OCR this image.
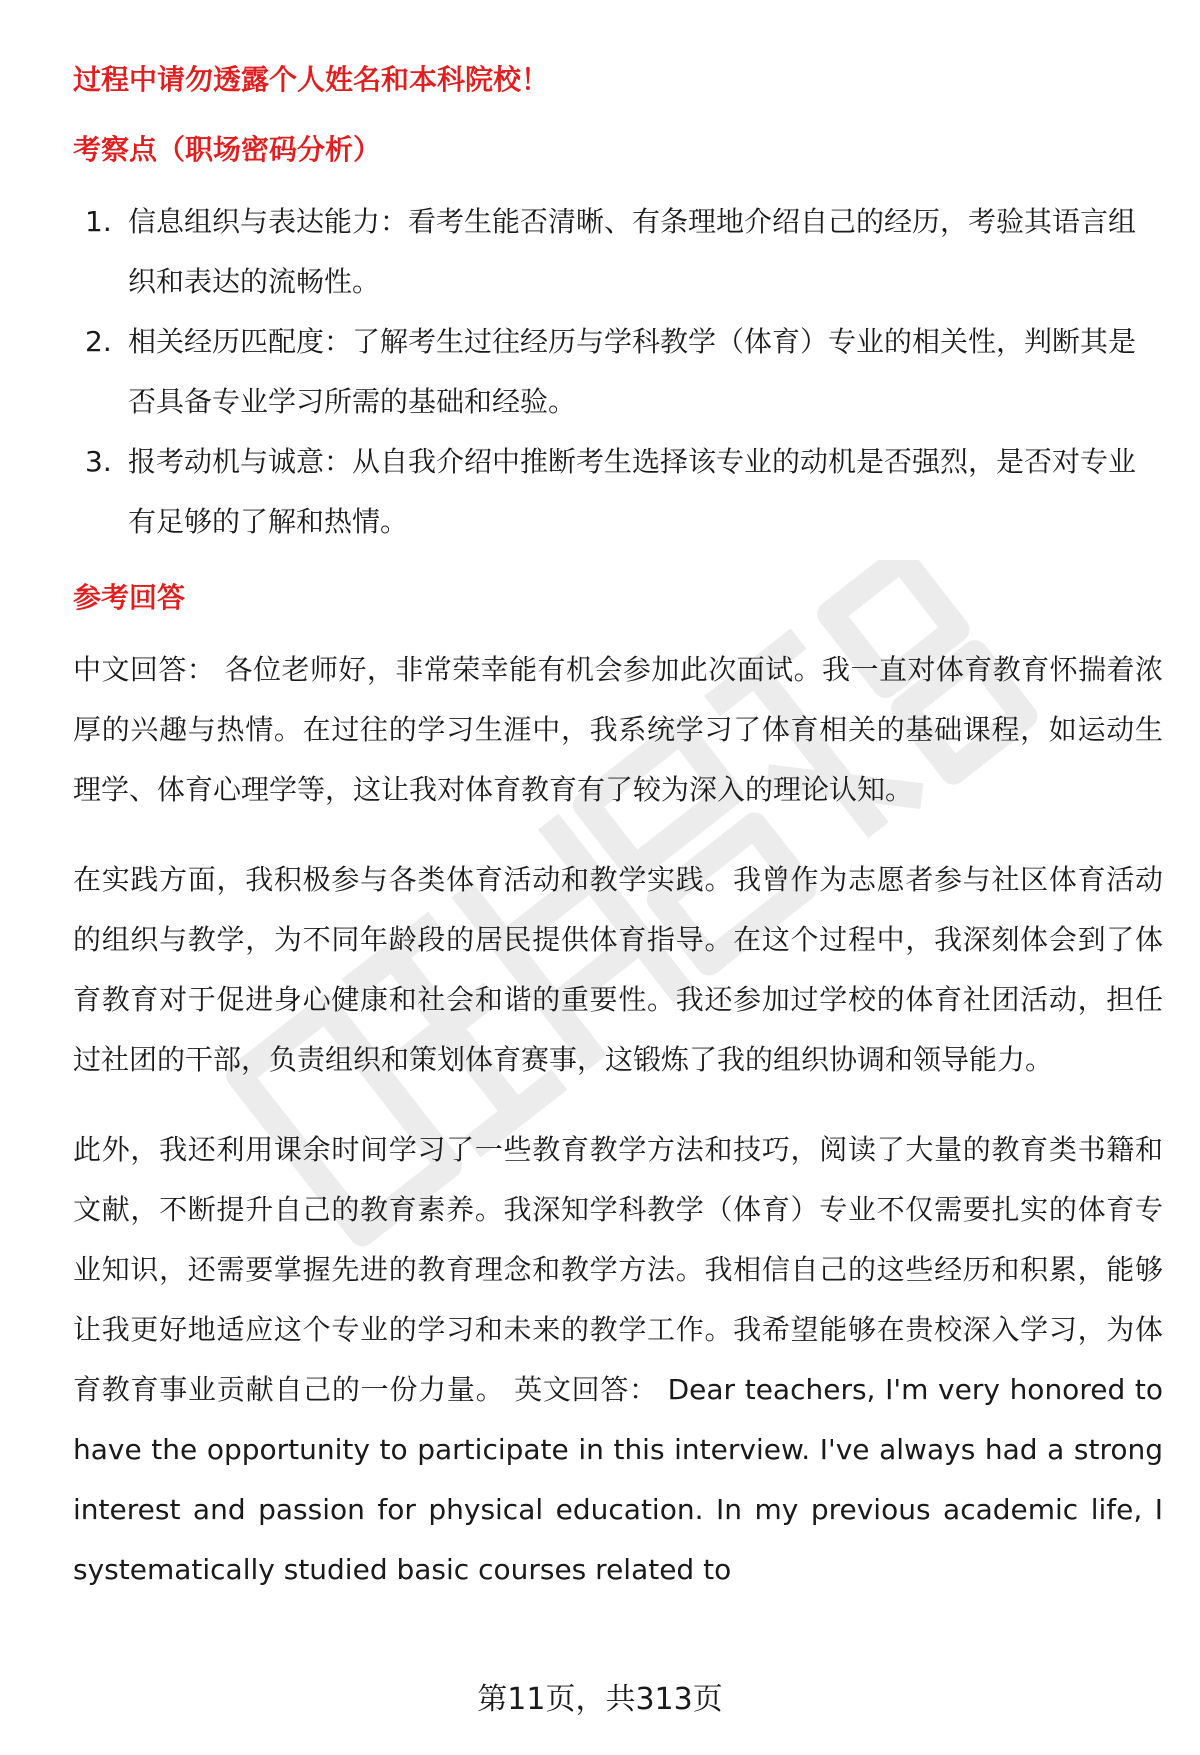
过程中请勿透露个人姓名和本科院校！

考察点（职场密码分析）

1. 信息组织与表达能力：看考生能否清晰、有条理地介绍自己的经历，考验其语言组织和表达的流畅性。
2. 相关经历匹配度：了解考生过往经历与学科教学（体育）专业的相关性，判断其是否具备专业学习所需的基础和经验。
3. 报考动机与诚意：从自我介绍中推断考生选择该专业的动机是否强烈，是否对专业有足够的了解和热情。

参考回答

中文回答： 各位老师好，非常荣幸能有机会参加此次面试。我一直对体育教育怀揣着浓厚的兴趣与热情。在过往的学习生涯中，我系统学习了体育相关的基础课程，如运动生理学、体育心理学等，这让我对体育教育有了较为深入的理论认知。

在实践方面，我积极参与各类体育活动和教学实践。我曾作为志愿者参与社区体育活动的组织与教学，为不同年龄段的居民提供体育指导。在这个过程中，我深刻体会到了体育教育对于促进身心健康和社会和谐的重要性。我还参加过学校的体育社团活动，担任过社团的干部，负责组织和策划体育赛事，这锻炼了我的组织协调和领导能力。

此外，我还利用课余时间学习了一些教育教学方法和技巧，阅读了大量的教育类书籍和文献，不断提升自己的教育素养。我深知学科教学（体育）专业不仅需要扎实的体育专业知识，还需要掌握先进的教育理念和教学方法。我相信自己的这些经历和积累，能够让我更好地适应这个专业的学习和未来的教学工作。我希望能够在贵校深入学习，为体育教育事业贡献自己的一份力量。 英文回答： Dear teachers, I'm very honored to have the opportunity to participate in this interview. I've always had a strong interest and passion for physical education. In my previous academic life, I systematically studied basic courses related to

第11页，共313页
